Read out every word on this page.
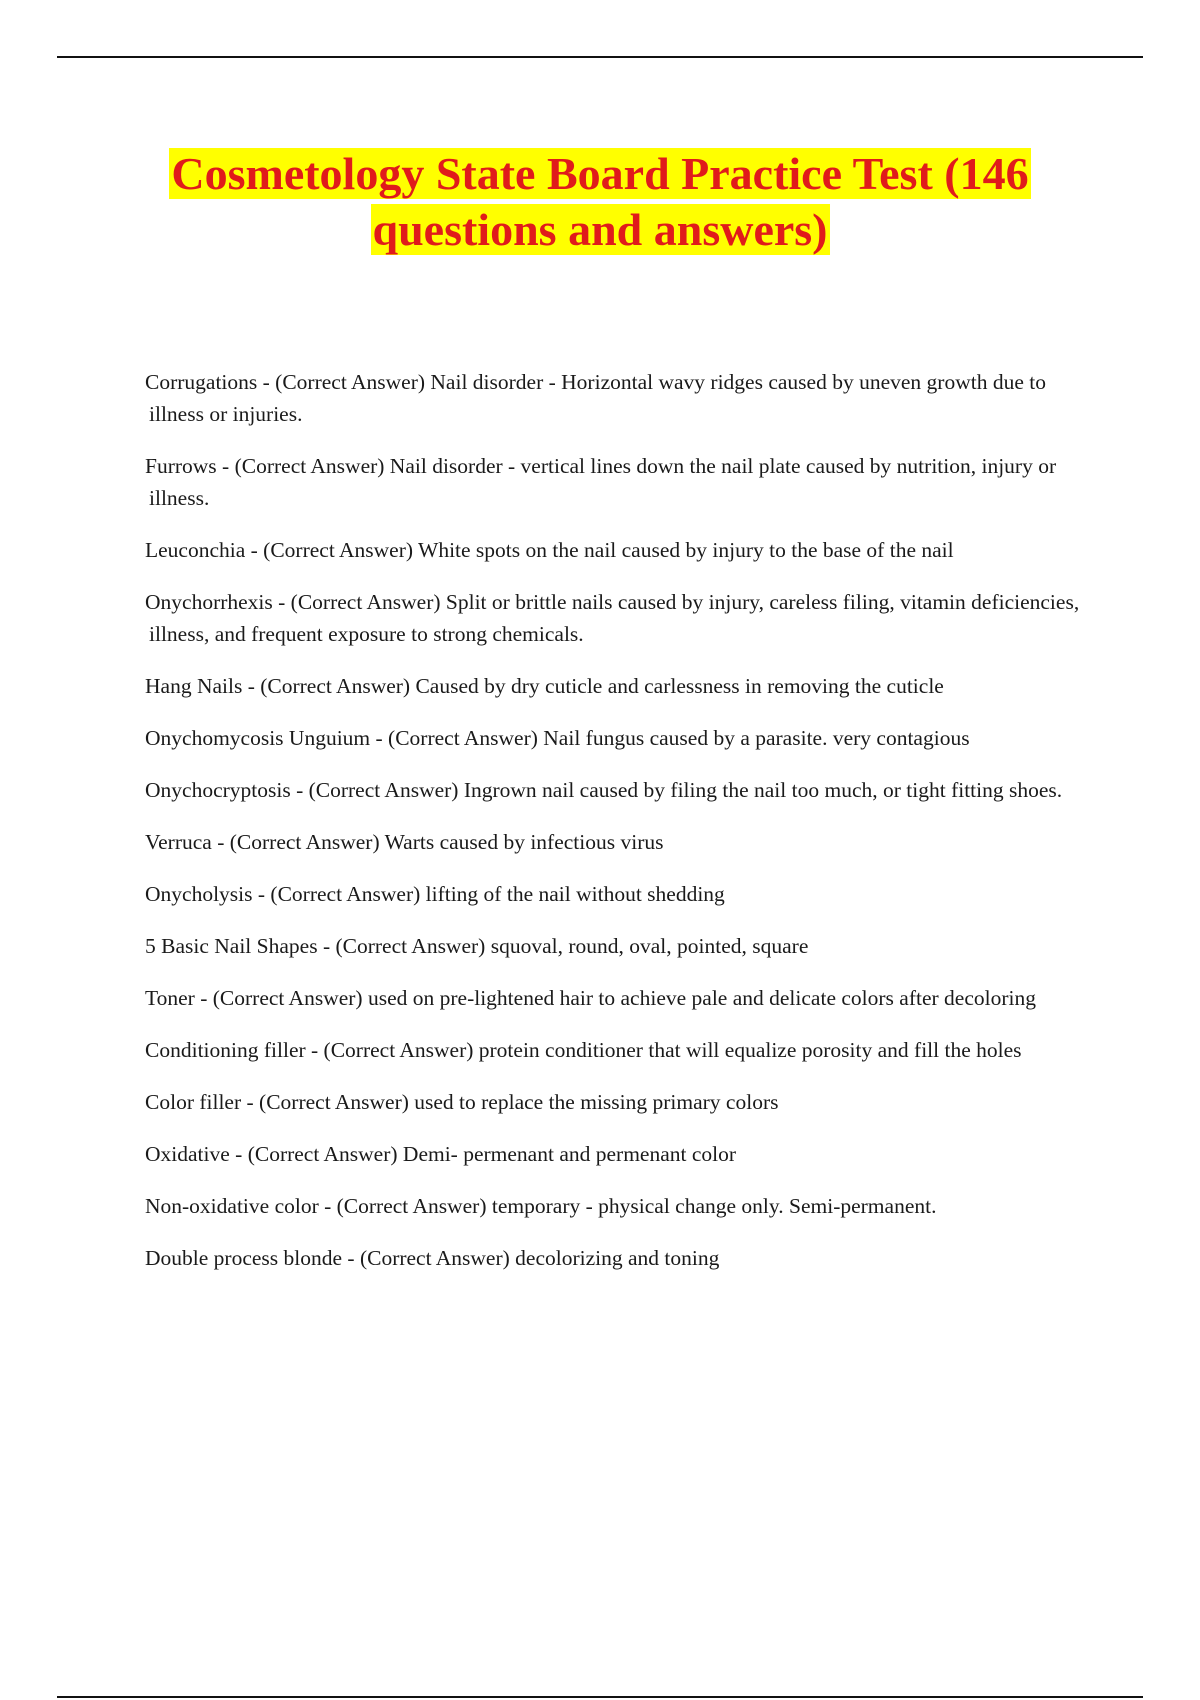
Cosmetology State Board Practice Test (146
questions and answers)
Corrugations - (Correct Answer) Nail disorder - Horizontal wavy ridges caused by uneven growth due to illness or injuries.
Furrows - (Correct Answer) Nail disorder - vertical lines down the nail plate caused by nutrition, injury or illness.
Leuconchia - (Correct Answer) White spots on the nail caused by injury to the base of the nail
Onychorrhexis - (Correct Answer) Split or brittle nails caused by injury, careless filing, vitamin deficiencies, illness, and frequent exposure to strong chemicals.
Hang Nails - (Correct Answer) Caused by dry cuticle and carlessness in removing the cuticle
Onychomycosis Unguium - (Correct Answer) Nail fungus caused by a parasite. very contagious
Onychocryptosis - (Correct Answer) Ingrown nail caused by filing the nail too much, or tight fitting shoes.
Verruca - (Correct Answer) Warts caused by infectious virus
Onycholysis - (Correct Answer) lifting of the nail without shedding
5 Basic Nail Shapes - (Correct Answer) squoval, round, oval, pointed, square
Toner - (Correct Answer) used on pre-lightened hair to achieve pale and delicate colors after decoloring
Conditioning filler - (Correct Answer) protein conditioner that will equalize porosity and fill the holes
Color filler - (Correct Answer) used to replace the missing primary colors
Oxidative - (Correct Answer) Demi- permenant and permenant color
Non-oxidative color - (Correct Answer) temporary - physical change only. Semi-permanent.
Double process blonde - (Correct Answer) decolorizing and toning
